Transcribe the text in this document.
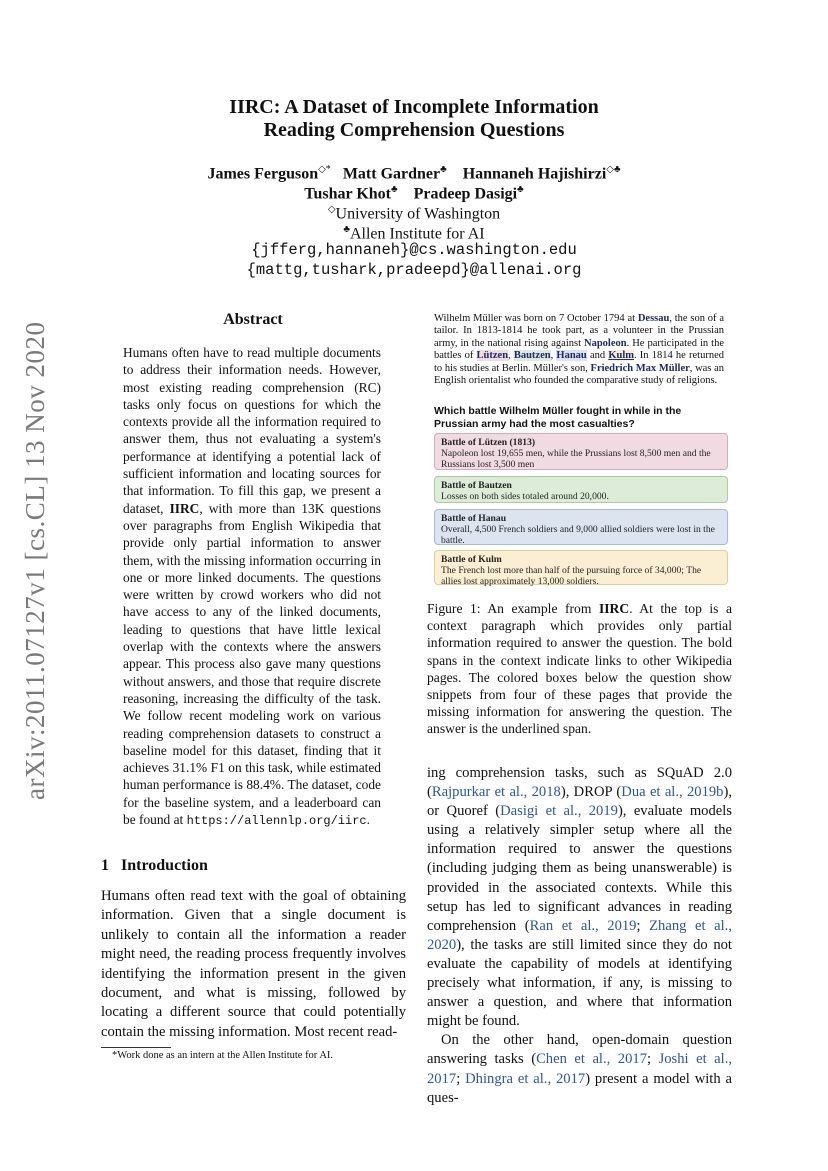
arXiv:2011.07127v1 [cs.CL] 13 Nov 2020
IIRC: A Dataset of Incomplete Information
Reading Comprehension Questions
James Ferguson◇* Matt Gardner♣ Hannaneh Hajishirzi◇♣
Tushar Khot♣ Pradeep Dasigi♣
◇University of Washington
♣Allen Institute for AI
{jfferg,hannaneh}@cs.washington.edu
{mattg,tushark,pradeepd}@allenai.org
Abstract
Humans often have to read multiple documents to address their information needs. However, most existing reading comprehension (RC) tasks only focus on questions for which the contexts provide all the information required to answer them, thus not evaluating a system's performance at identifying a potential lack of sufficient information and locating sources for that information. To fill this gap, we present a dataset, IIRC, with more than 13K questions over paragraphs from English Wikipedia that provide only partial information to answer them, with the missing information occurring in one or more linked documents. The questions were written by crowd workers who did not have access to any of the linked documents, leading to questions that have little lexical overlap with the contexts where the answers appear. This process also gave many questions without answers, and those that require discrete reasoning, increasing the difficulty of the task. We follow recent modeling work on various reading comprehension datasets to construct a baseline model for this dataset, finding that it achieves 31.1% F1 on this task, while estimated human performance is 88.4%. The dataset, code for the baseline system, and a leaderboard can be found at https://allennlp.org/iirc.
1   Introduction
Humans often read text with the goal of obtaining information. Given that a single document is unlikely to contain all the information a reader might need, the reading process frequently involves identifying the information present in the given document, and what is missing, followed by locating a different source that could potentially contain the missing information. Most recent read-
*Work done as an intern at the Allen Institute for AI.
Wilhelm Müller was born on 7 October 1794 at Dessau, the son of a tailor. In 1813-1814 he took part, as a volunteer in the Prussian army, in the national rising against Napoleon. He participated in the battles of Lützen, Bautzen, Hanau and Kulm. In 1814 he returned to his studies at Berlin. Müller's son, Friedrich Max Müller, was an English orientalist who founded the comparative study of religions.
Which battle Wilhelm Müller fought in while in the Prussian army had the most casualties?
Battle of Lützen (1813)
Napoleon lost 19,655 men, while the Prussians lost 8,500 men and the Russians lost 3,500 men
Battle of Bautzen
Losses on both sides totaled around 20,000.
Battle of Hanau
Overall, 4,500 French soldiers and 9,000 allied soldiers were lost in the battle.
Battle of Kulm
The French lost more than half of the pursuing force of 34,000; The allies lost approximately 13,000 soldiers.
Figure 1: An example from IIRC. At the top is a context paragraph which provides only partial information required to answer the question. The bold spans in the context indicate links to other Wikipedia pages. The colored boxes below the question show snippets from four of these pages that provide the missing information for answering the question. The answer is the underlined span.

ing comprehension tasks, such as SQuAD 2.0 (Rajpurkar et al., 2018), DROP (Dua et al., 2019b), or Quoref (Dasigi et al., 2019), evaluate models using a relatively simpler setup where all the information required to answer the questions (including judging them as being unanswerable) is provided in the associated contexts. While this setup has led to significant advances in reading comprehension (Ran et al., 2019; Zhang et al., 2020), the tasks are still limited since they do not evaluate the capability of models at identifying precisely what information, if any, is missing to answer a question, and where that information might be found.

On the other hand, open-domain question answering tasks (Chen et al., 2017; Joshi et al., 2017; Dhingra et al., 2017) present a model with a ques-
